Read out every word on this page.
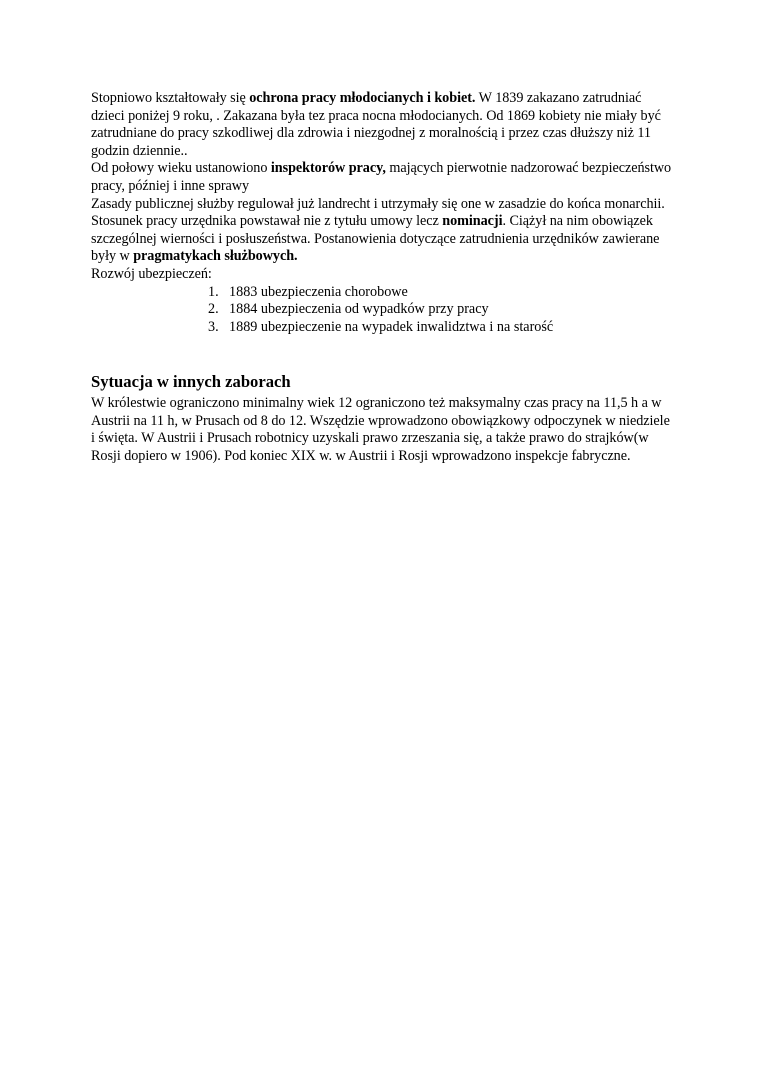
Stopniowo kształtowały się ochrona pracy młodocianych i kobiet. W 1839 zakazano zatrudniać dzieci poniżej 9 roku, . Zakazana była tez praca nocna młodocianych. Od 1869 kobiety nie miały być zatrudniane do pracy szkodliwej dla zdrowia i niezgodnej z moralnością i przez czas dłuższy niż 11 godzin dziennie..

Od połowy wieku ustanowiono inspektorów pracy, mających pierwotnie nadzorować bezpieczeństwo pracy, później i inne sprawy

Zasady publicznej służby regulował już landrecht i utrzymały się one w zasadzie do końca monarchii. Stosunek pracy urzędnika powstawał nie z tytułu umowy lecz nominacji. Ciążył na nim obowiązek szczególnej wierności i posłuszeństwa. Postanowienia dotyczące zatrudnienia urzędników zawierane były w pragmatykach służbowych.

Rozwój ubezpieczeń:

1. 1883 ubezpieczenia chorobowe
2. 1884 ubezpieczenia od wypadków przy pracy
3. 1889 ubezpieczenie na wypadek inwalidztwa i na starość
Sytuacja w innych zaborach

W królestwie ograniczono minimalny wiek 12 ograniczono też maksymalny czas pracy na 11,5 h a w Austrii na 11 h, w Prusach od 8 do 12. Wszędzie wprowadzono obowiązkowy odpoczynek w niedziele i święta. W Austrii i Prusach robotnicy uzyskali prawo zrzeszania się, a także prawo do strajków(w Rosji dopiero w 1906). Pod koniec XIX w. w Austrii i Rosji wprowadzono inspekcje fabryczne.
